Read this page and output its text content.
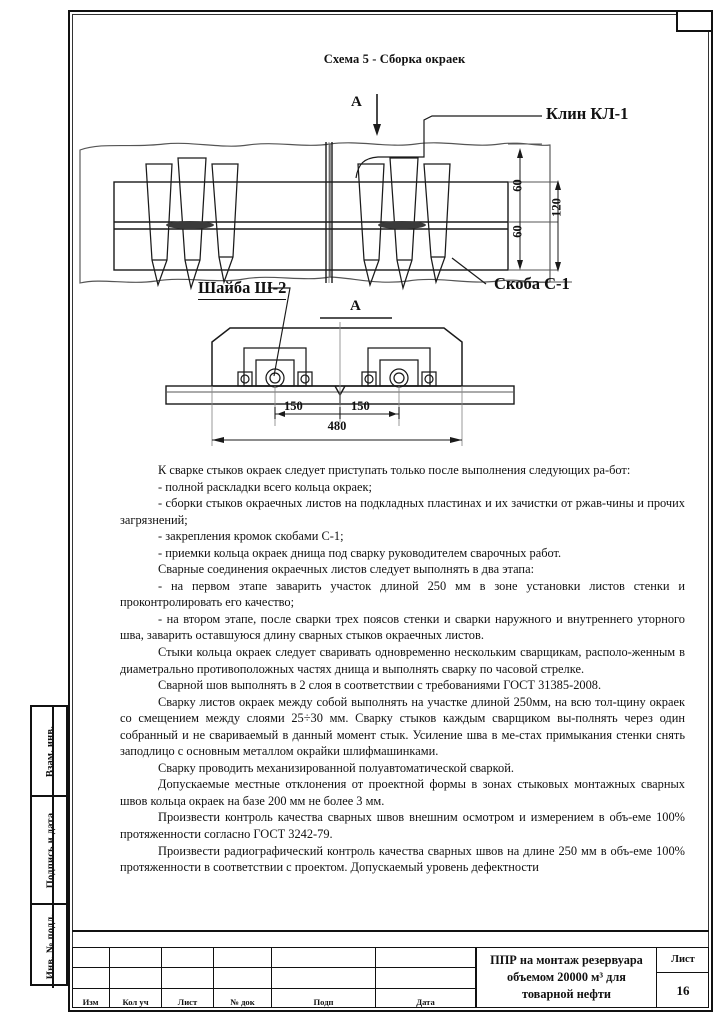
Взам. инв.
Подпись и дата
Инв. № подл.
Схема 5 - Сборка окраек
A
Клин КЛ-1
Скоба С-1
60
60
120
Шайба Ш-2
A
150	150
480

К сварке стыков окраек следует приступать только после выполнения следующих ра-бот:

- полной раскладки всего кольца окраек;

- сборки стыков окраечных листов на подкладных пластинах и их зачистки от ржав-чины и прочих загрязнений;

- закрепления кромок скобами С-1;

- приемки кольца окраек днища под сварку руководителем сварочных работ.

Сварные соединения окраечных листов следует выполнять в два этапа:

- на первом этапе заварить участок длиной 250 мм в зоне установки листов стенки и проконтролировать его качество;

- на втором этапе, после сварки трех поясов стенки и сварки наружного и внутреннего уторного шва, заварить оставшуюся длину сварных стыков окраечных листов.

Стыки кольца окраек следует сваривать одновременно нескольким сварщикам, располо-женным в диаметрально противоположных частях днища и выполнять сварку по часовой стрелке.

Сварной шов выполнять в 2 слоя в соответствии с требованиями ГОСТ 31385-2008.

Сварку листов окраек между собой выполнять на участке длиной 250мм, на всю тол-щину окраек со смещением между слоями 25÷30 мм. Сварку стыков каждым сварщиком вы-полнять через один собранный и не свариваемый в данный момент стык. Усиление шва в ме-стах примыкания стенки снять заподлицо с основным металлом окрайки шлифмашинками.

Сварку проводить механизированной полуавтоматической сваркой.

Допускаемые местные отклонения от проектной формы в зонах стыковых монтажных сварных швов кольца окраек на базе 200 мм не более 3 мм.

Произвести контроль качества сварных швов внешним осмотром и измерением в объ-еме 100% протяженности согласно ГОСТ 3242-79.

Произвести радиографический контроль качества сварных швов на длине 250 мм в объ-еме 100% протяженности в соответствии с проектом. Допускаемый уровень дефектности

Изм	Кол уч	Лист	№ док	Подп	Дата
ППР на монтаж резервуара объемом 20000 м³ для товарной нефти
Лист
16
